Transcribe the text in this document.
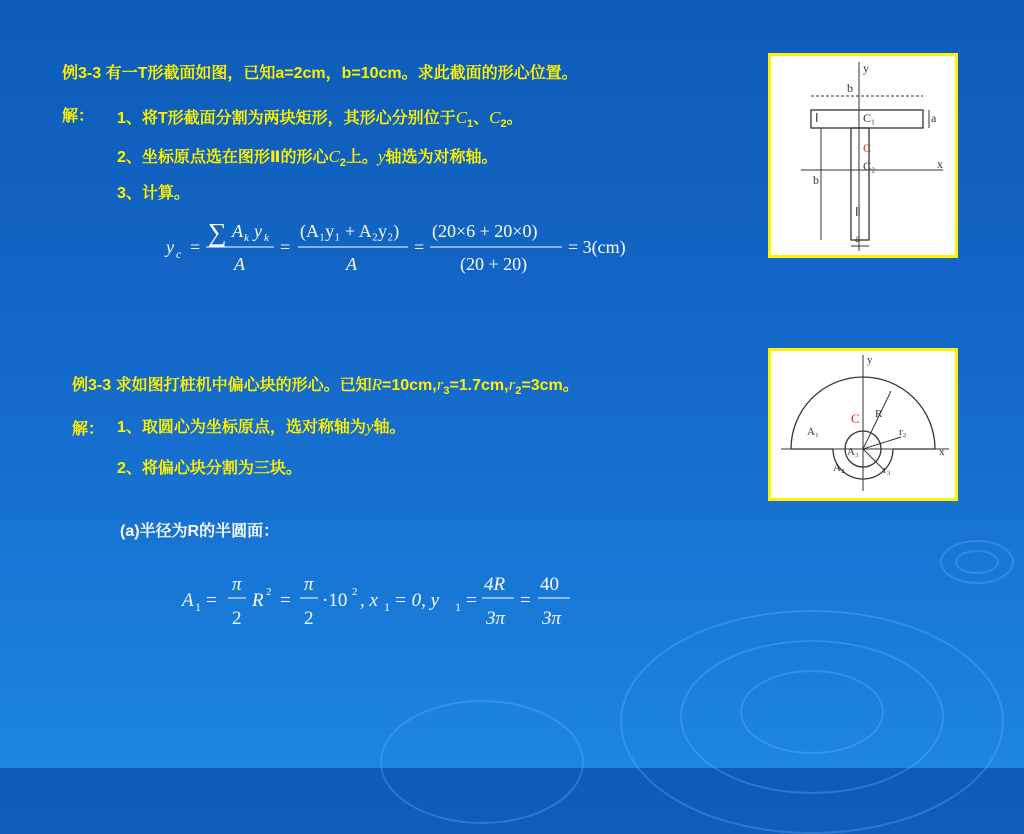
例3-3 有一T形截面如图，已知a=2cm，b=10cm。求此截面的形心位置。
解： 1、将T形截面分割为两块矩形，其形心分别位于$C_1$、$C_2$。
2、坐标原点选在图形Ⅱ的形心$C_2$上。y轴选为对称轴。
3、计算。
y c = ∑ A k y k
A
=
(A₁y₁ + A₂y₂)
A
=
(20×6 + 20×0)
(20 + 20)
= 3(cm)
y
b
C₁
C
C₂	x
b
Ⅱ
a
a
Ⅰ
例3-3 求如图打桩机中偏心块的形心。已知$R=10cm,r_3=1.7cm,r_2=3cm$。
解： 1、取圆心为坐标原点，选对称轴为y轴。
2、将偏心块分割为三块。
(a)半径为R的半圆面：
A 1 =
π
2
R 2 =
π
2
·10 2 , x 1 = 0, y 1 =
4R
3π
=
40
3π
y
C R
A₁	r₂
x
A₃
A₂	r₃
